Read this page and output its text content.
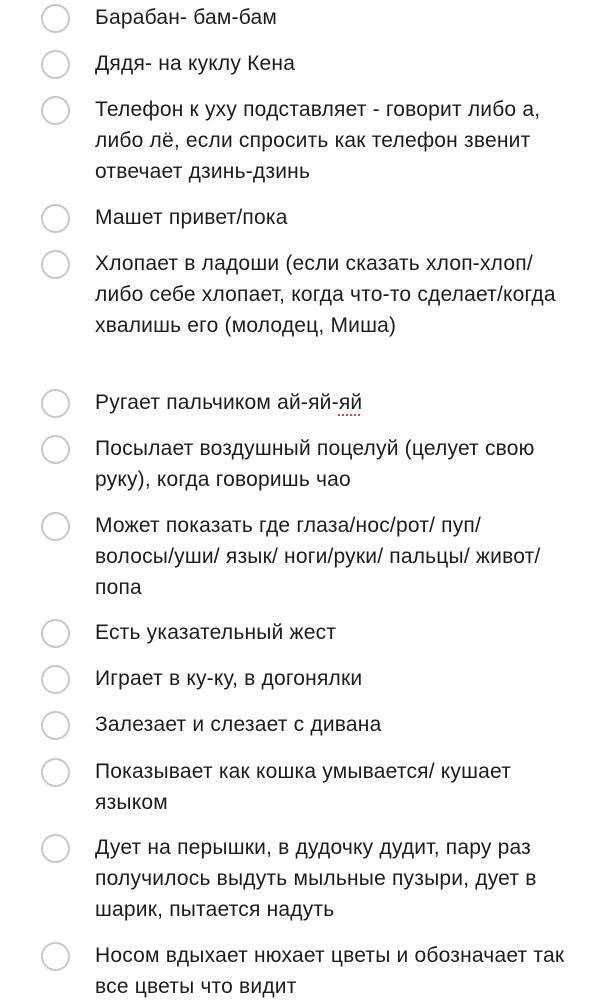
Барабан- бам-бам
Дядя- на куклу Кена
Телефон к уху подставляет - говорит либо а, либо лё, если спросить как телефон звенит отвечает дзинь-дзинь
Машет привет/пока
Хлопает в ладоши (если сказать хлоп-хлоп/ либо себе хлопает, когда что-то сделает/когда хвалишь его (молодец, Миша)
Ругает пальчиком ай-яй-яй
Посылает воздушный поцелуй (целует свою руку), когда говоришь чао
Может показать где глаза/нос/рот/ пуп/ волосы/уши/ язык/ ноги/руки/ пальцы/ живот/ попа
Есть указательный жест
Играет в ку-ку, в догонялки
Залезает и слезает с дивана
Показывает как кошка умывается/ кушает языком
Дует на перышки, в дудочку дудит, пару раз получилось выдуть мыльные пузыри, дует в шарик, пытается надуть
Носом вдыхает нюхает цветы и обозначает так все цветы что видит
